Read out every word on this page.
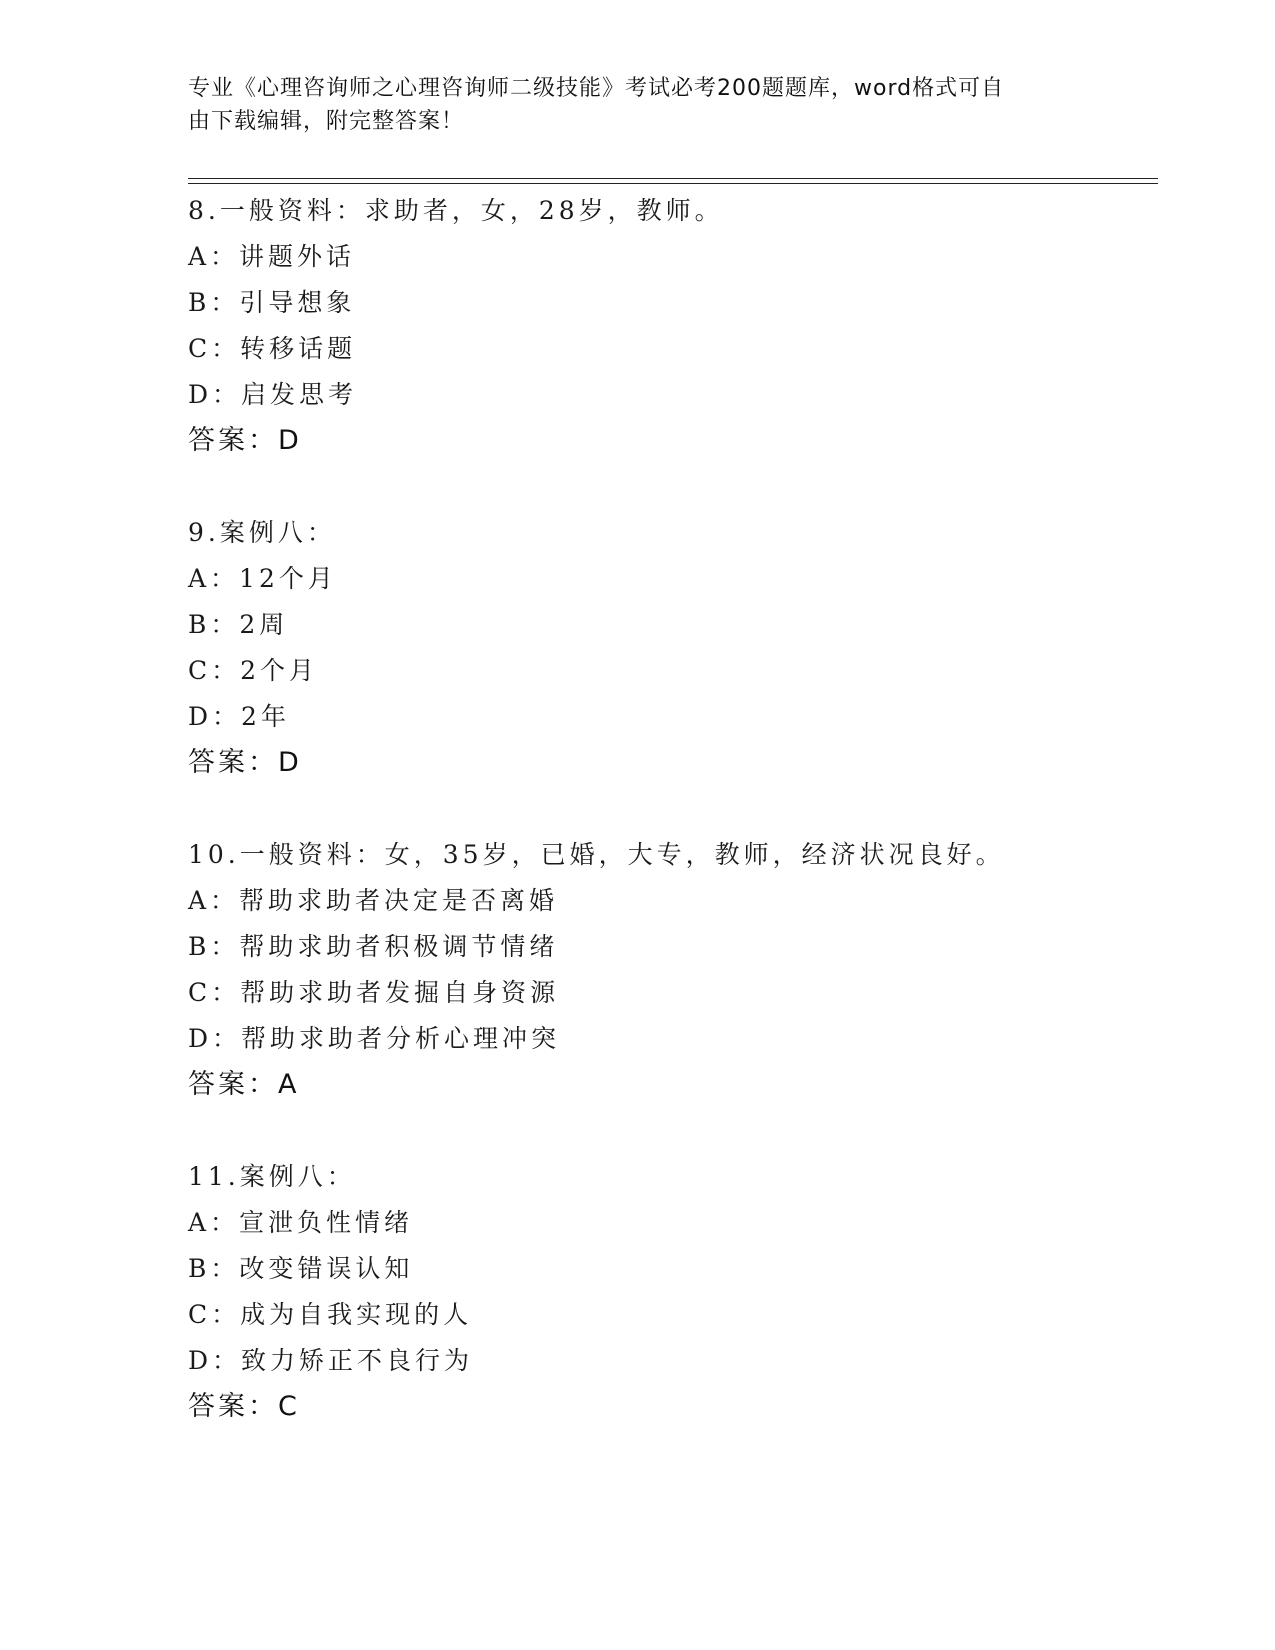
专业《心理咨询师之心理咨询师二级技能》考试必考200题题库，word格式可自
由下载编辑，附完整答案！
8.一般资料：求助者，女，28岁，教师。
A：讲题外话
B：引导想象
C：转移话题
D：启发思考
答案：D
9.案例八：
A：12个月
B：2周
C：2个月
D：2年
答案：D
10.一般资料：女，35岁，已婚，大专，教师，经济状况良好。
A：帮助求助者决定是否离婚
B：帮助求助者积极调节情绪
C：帮助求助者发掘自身资源
D：帮助求助者分析心理冲突
答案：A
11.案例八：
A：宣泄负性情绪
B：改变错误认知
C：成为自我实现的人
D：致力矫正不良行为
答案：C
